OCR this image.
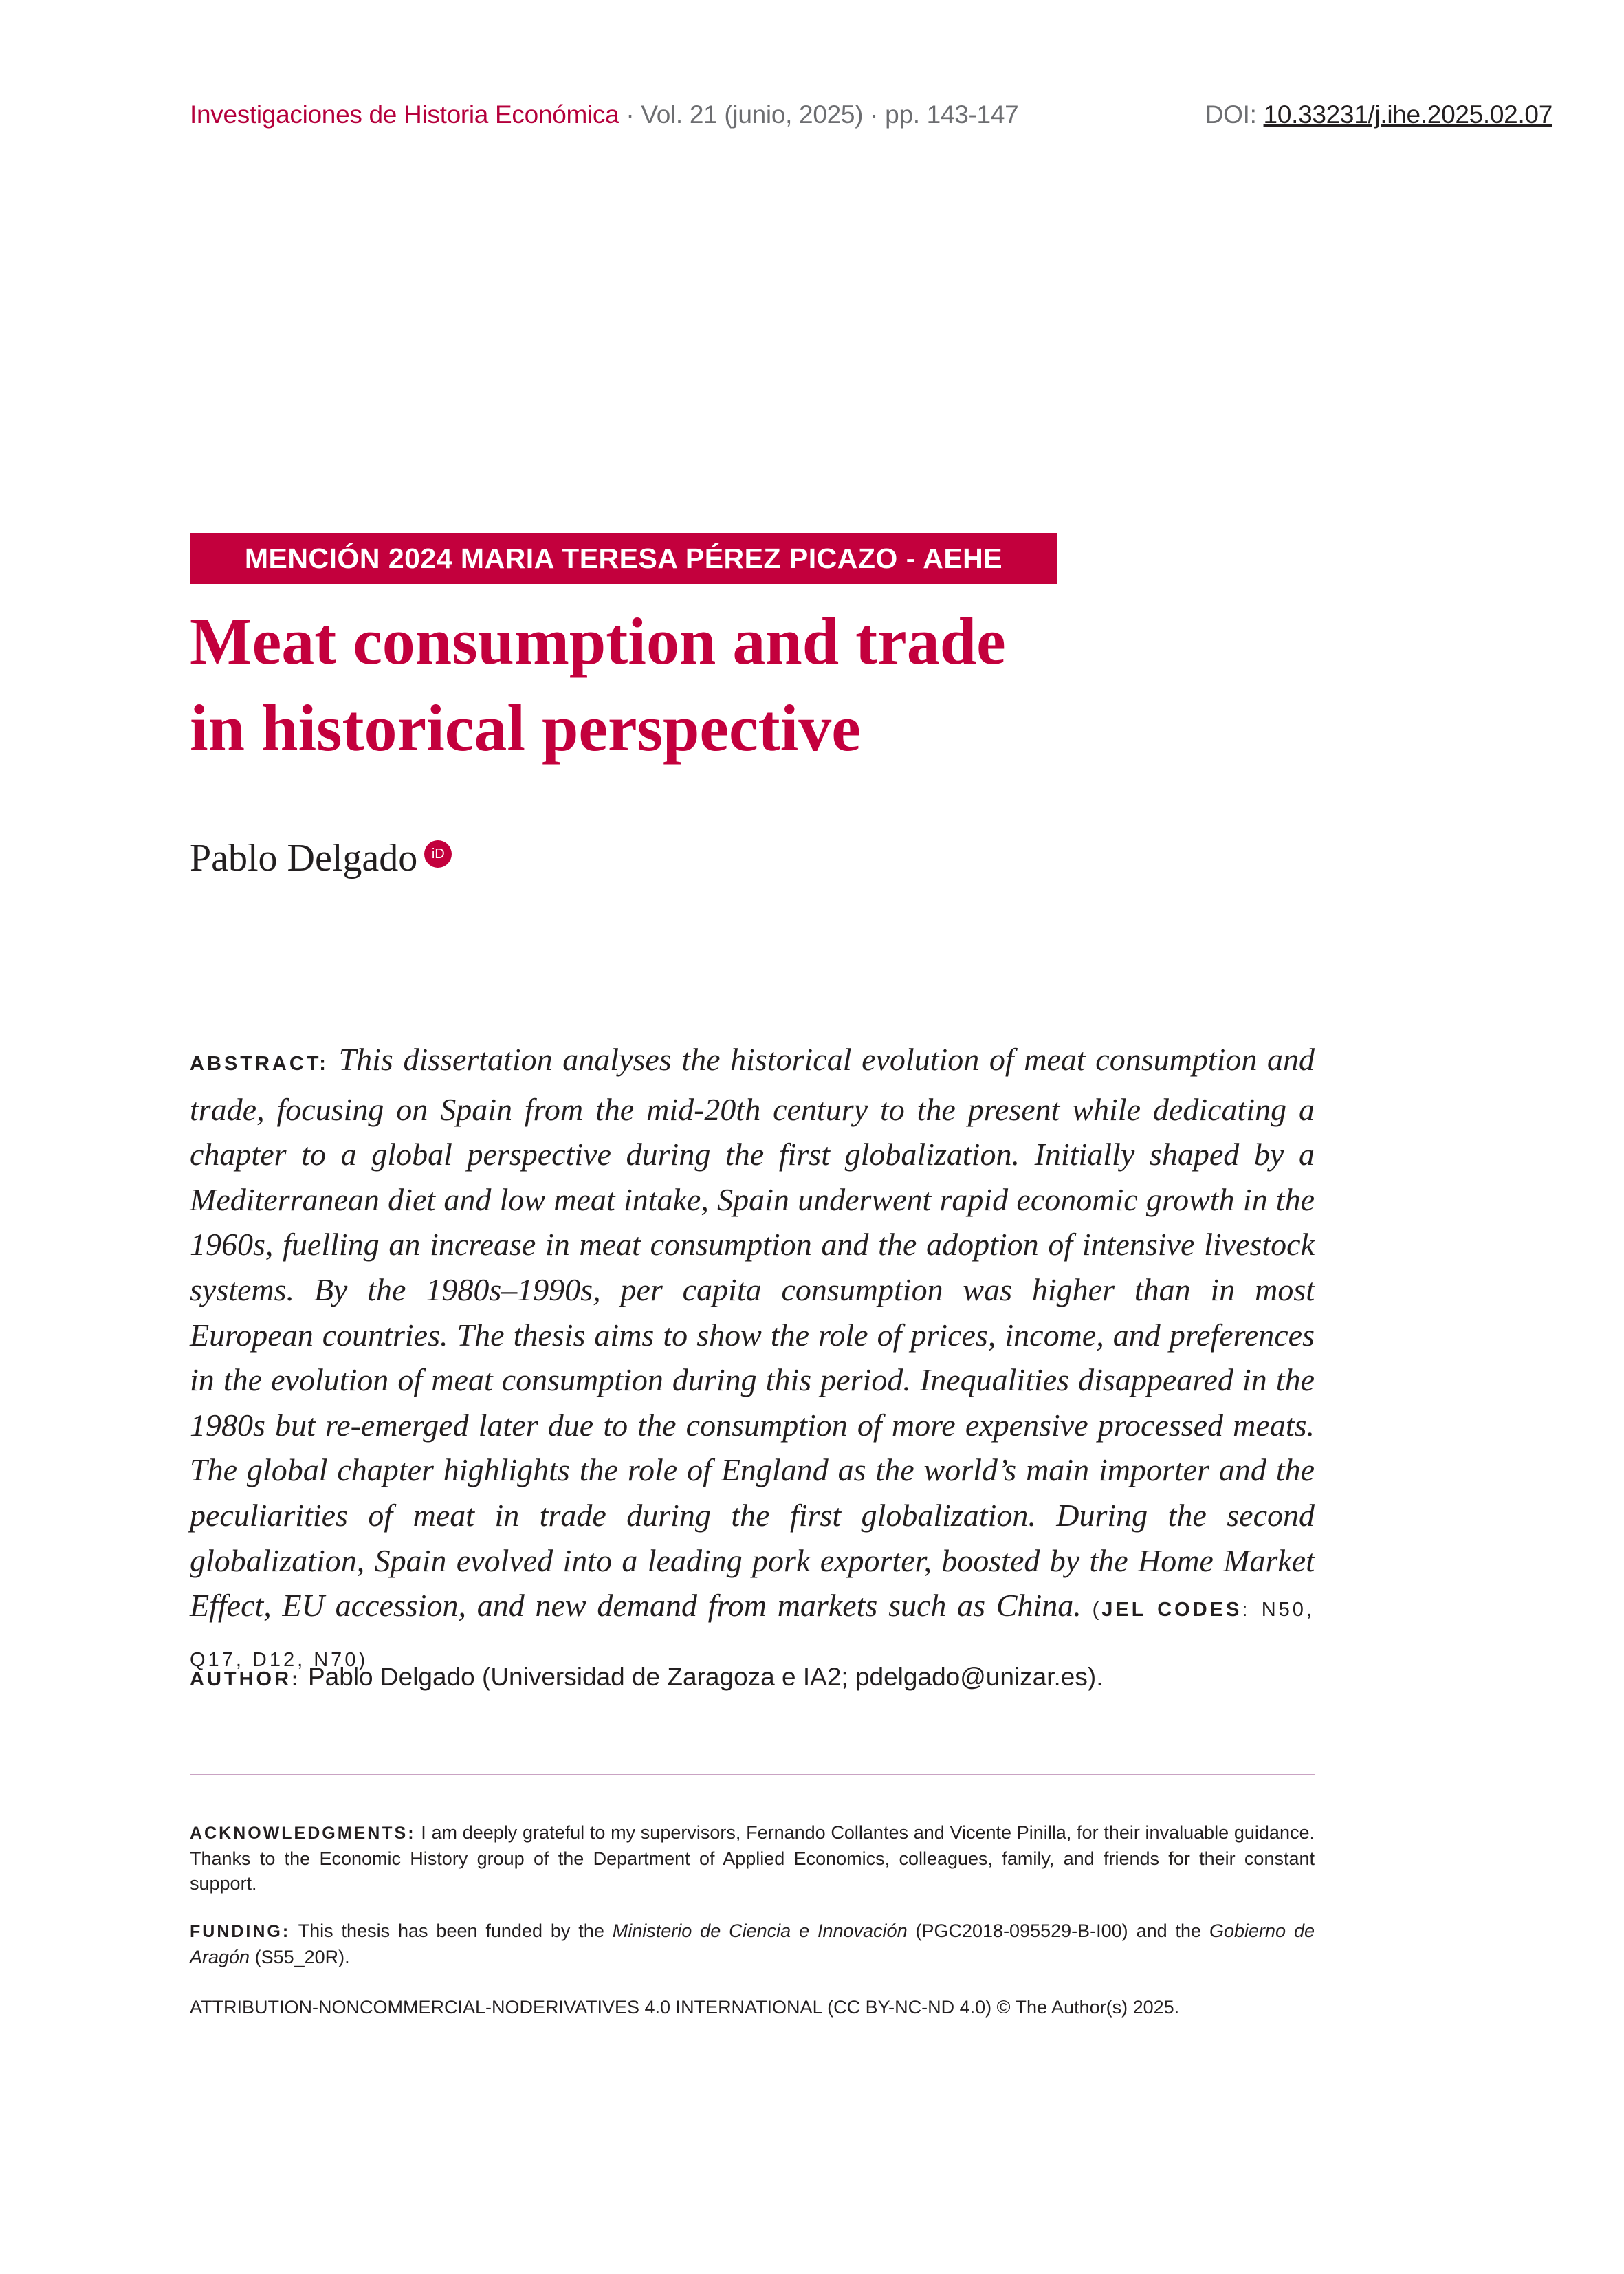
Investigaciones de Historia Económica · Vol. 21 (junio, 2025) · pp. 143-147	DOI: 10.33231/j.ihe.2025.02.07
MENCIÓN 2024 MARIA TERESA PÉREZ PICAZO - AEHE
Meat consumption and trade
in historical perspective
Pablo Delgado	iD
ABSTRACT: This dissertation analyses the historical evolution of meat consumption and trade, focusing on Spain from the mid-20th century to the present while dedicating a chapter to a global perspective during the first globalization. Initially shaped by a Mediterranean diet and low meat intake, Spain underwent rapid economic growth in the 1960s, fuelling an increase in meat consumption and the adoption of intensive livestock systems. By the 1980s–1990s, per capita consumption was higher than in most European countries. The thesis aims to show the role of prices, income, and preferences in the evolution of meat consumption during this period. Inequalities disappeared in the 1980s but re-emerged later due to the consumption of more expensive processed meats. The global chapter highlights the role of England as the world’s main importer and the peculiarities of meat in trade during the first globalization. During the second globalization, Spain evolved into a leading pork exporter, boosted by the Home Market Effect, EU accession, and new demand from markets such as China. (JEL CODES: N50, Q17, D12, N70)
AUTHOR: Pablo Delgado (Universidad de Zaragoza e IA2; pdelgado@unizar.es).
ACKNOWLEDGMENTS: I am deeply grateful to my supervisors, Fernando Collantes and Vicente Pinilla, for their invaluable guidance. Thanks to the Economic History group of the Department of Applied Economics, colleagues, family, and friends for their constant support.
FUNDING: This thesis has been funded by the Ministerio de Ciencia e Innovación (PGC2018-095529-B-I00) and the Gobierno de Aragón (S55_20R).
ATTRIBUTION-NONCOMMERCIAL-NODERIVATIVES 4.0 INTERNATIONAL (CC BY-NC-ND 4.0) © The Author(s) 2025.
